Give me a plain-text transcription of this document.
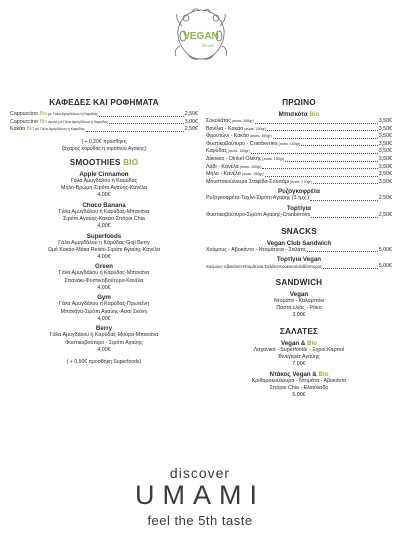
VEGAN
Bowls
ΚΑΦΕΔΕΣ ΚΑΙ ΡΟΦΗΜΑΤΑ
Cappuccino Bio με Γάλα Αμυγδάλου ή Καρύδας	2,50€
Cappuccino Bio Διπλό με Γάλα Αμυγδάλου ή Καρύδας	3,00€
Κακάο Bio με Γάλα Αμυγδάλου ή Καρύδας	2,50€
( + 0,20€ προσθήκη
ζάχαρης καρύδας ή σιροπιού Αγαύης)
SMOOTHIES BIO
Apple Cinnamon
Γάλα Αμυγδάλου ή Καρύδας
Μήλο-Βρώμη-Σιρόπι Αγαύης-Κανέλα
4,00€
Choco Banana
Γάλα Αμυγδάλου ή Καρύδας-Μπανάνα
Σιρόπι Αγαύης-Κακάο-Σπόροι Chia
4,00€
Superfoods
Γάλα Αμυγδάλου ή Καρύδας-Goji Berry
Ωμό Κακάο-Μάκα Reishi-Σιρόπι Αγαύης-Κανέλα
4,00€
Green
Γάλα Αμυγδάλου ή Καρύδας-Μπανάνα
Σπανάκι-Φυστικοβούτυρο-Κανέλα
4,00€
Gym
Γάλα Αμυγδάλου ή Καρύδας-Πρωτεΐνη
Μπανάνα-Σιρόπι Αγαύης-Ασαί Σκόνη
4,00€
Berry
Γάλα Αμυγδάλου ή Καρύδας-Μούρα-Μπανάνα
Φυστικοβούτυρο - Σιρόπι Αγαύης
4,00€
( + 0,50€ προσθήκη Superfoods)
ΠΡΩΙΝΟ
Μπισκότα Bio
Σοκολάτας (συσκ. 150gr)	3,50€
Βανίλια - Κακάο (συσκ. 150gr)	3,50€
Φρουτώνι - Κακάο (συσκ. 150gr)	3,50€
Φυστικοβούτυρο - Cranberries (συσκ. 150gr)	3,50€
Καρύδας (συσκ. 150gr)	3,50€
Δίκοκκο - Dinkel Ολικής (συσκ. 150gr)	3,50€
Λάδι - Κανέλα (συσκ. 150gr)	3,50€
Μήλο - Κανέλα (συσκ. 150gr)	3,50€
Μουστοκούλουρα Σταφίδα-Σουσάμι (συσκ. 170gr)	3,50€
Ρυζογκοφρέτα
Ρυζογκοφρέτα-Ταχίνι-Σιρόπι Αγαύης (3 τμχ.)	2,50€
Τορτίγια
Φυστικοβούτυρο-Σιρόπι Αγαύης-Cranberries	2,50€
SNACKS
Vegan Club Sandwich
Χούμους - Αβοκάντο - Ντομάτινια - Σαλάτα	5,00€
Τορτίγια Vegan
Χούμους-Αβοκάντο-Ντομάτινια-Σαλάτα-Κουκουτσολιθόσπορος	5,00€
SANDWICH
Vegan
Ντομάτα - Καλαμπόκι
Πάστα ελιάς - Ρόκα
3,00€
ΣΑΛΑΤΕΣ
Vegan & Bio
Λαχανικά - Superfoods - Ξηροί Καρποί
Βινεγκρέτ Αγαύης
7,00€
Ντάκος Vegan & Bio
Κριθαροκούλουρα - Ντομάτα - Αβοκάντο
Σπόροι Chia - Ελαιόλαδο
5,00€
discover
UMAMI
feel the 5th taste
